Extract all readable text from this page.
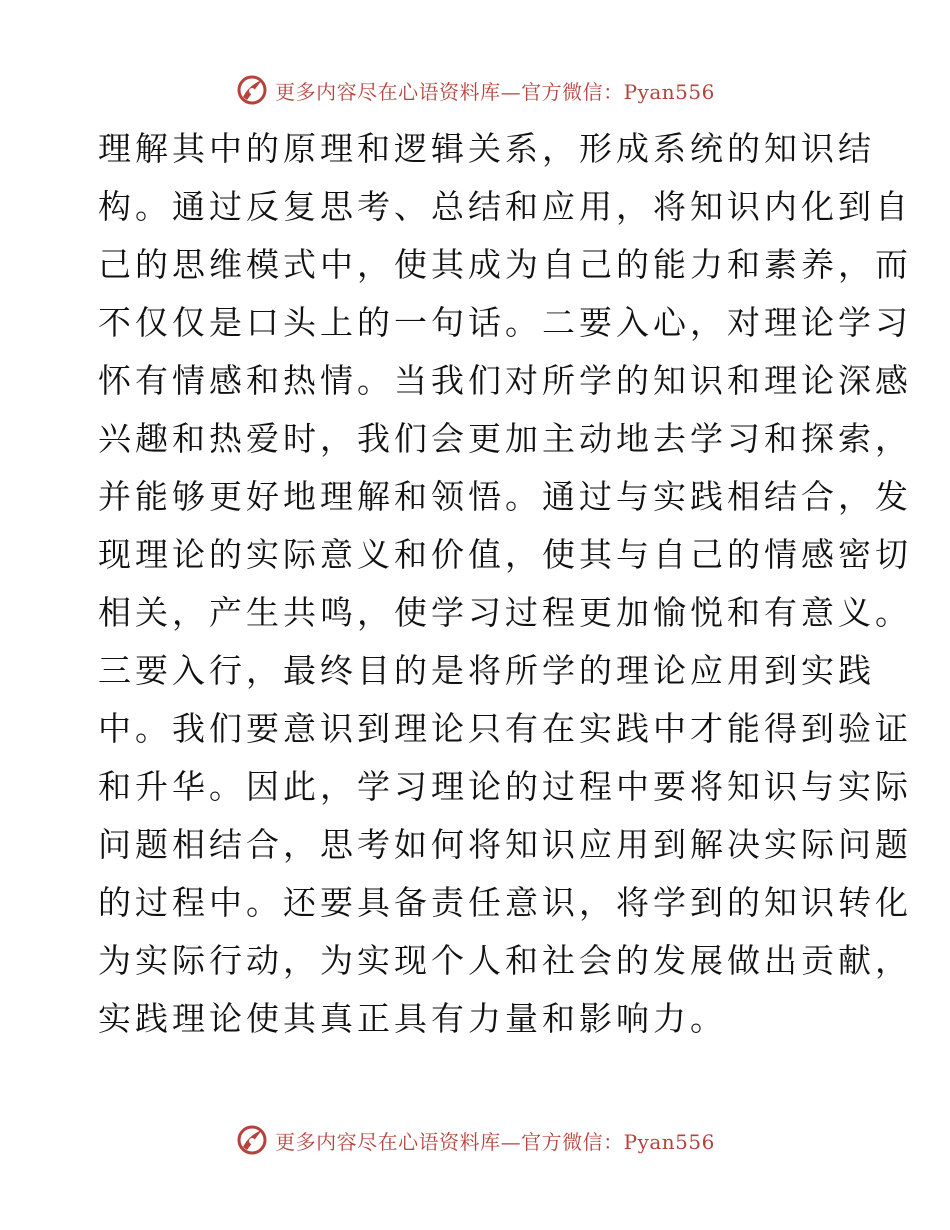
更多内容尽在心语资料库—官方微信：Pyan556
理解其中的原理和逻辑关系，形成系统的知识结
构。通过反复思考、总结和应用，将知识内化到自
己的思维模式中，使其成为自己的能力和素养，而
不仅仅是口头上的一句话。二要入心，对理论学习
怀有情感和热情。当我们对所学的知识和理论深感
兴趣和热爱时，我们会更加主动地去学习和探索，
并能够更好地理解和领悟。通过与实践相结合，发
现理论的实际意义和价值，使其与自己的情感密切
相关，产生共鸣，使学习过程更加愉悦和有意义。
三要入行，最终目的是将所学的理论应用到实践
中。我们要意识到理论只有在实践中才能得到验证
和升华。因此，学习理论的过程中要将知识与实际
问题相结合，思考如何将知识应用到解决实际问题
的过程中。还要具备责任意识，将学到的知识转化
为实际行动，为实现个人和社会的发展做出贡献，
实践理论使其真正具有力量和影响力。
更多内容尽在心语资料库—官方微信：Pyan556
